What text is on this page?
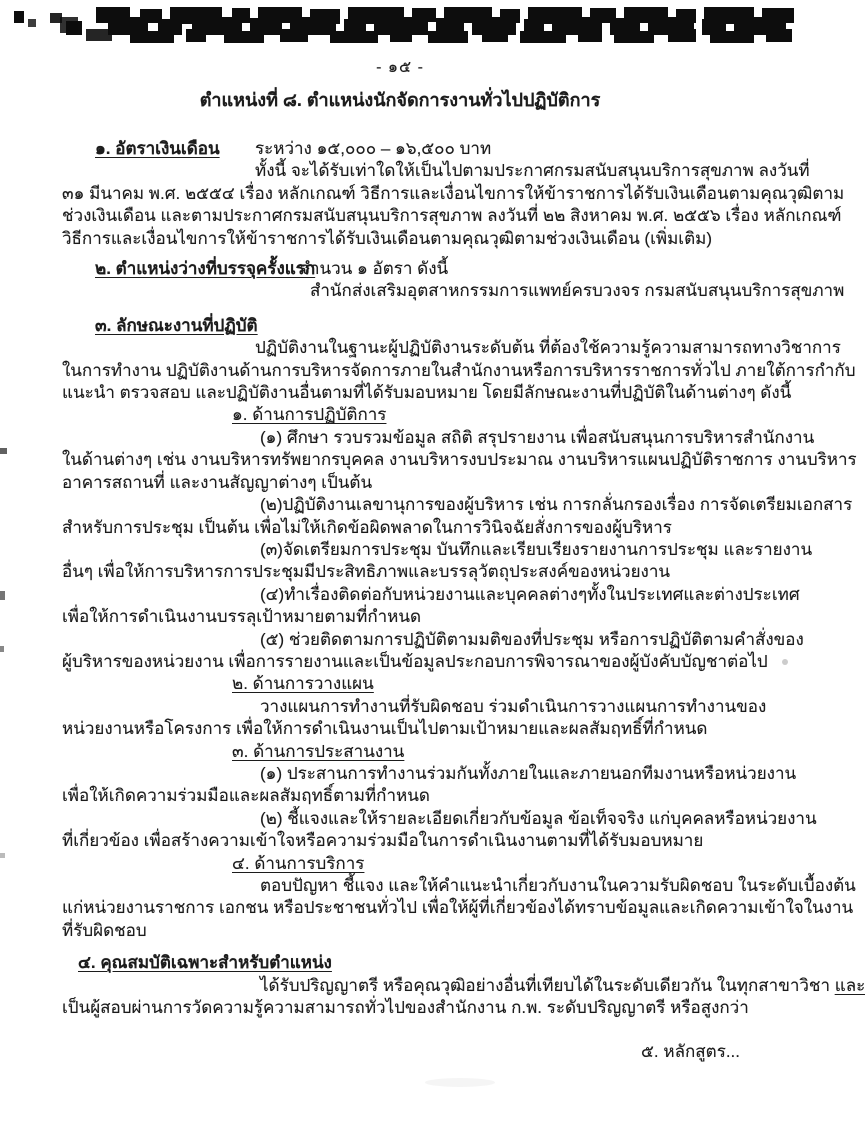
- ๑๕ -
ตำแหน่งที่ ๘. ตำแหน่งนักจัดการงานทั่วไปปฏิบัติการ
๑. อัตราเงินเดือน ระหว่าง ๑๕,๐๐๐ – ๑๖,๕๐๐ บาท
ทั้งนี้ จะได้รับเท่าใดให้เป็นไปตามประกาศกรมสนับสนุนบริการสุขภาพ ลงวันที่
๓๑ มีนาคม พ.ศ. ๒๕๕๔ เรื่อง หลักเกณฑ์ วิธีการและเงื่อนไขการให้ข้าราชการได้รับเงินเดือนตามคุณวุฒิตาม
ช่วงเงินเดือน และตามประกาศกรมสนับสนุนบริการสุขภาพ ลงวันที่ ๒๒ สิงหาคม พ.ศ. ๒๕๕๖ เรื่อง หลักเกณฑ์
วิธีการและเงื่อนไขการให้ข้าราชการได้รับเงินเดือนตามคุณวุฒิตามช่วงเงินเดือน (เพิ่มเติม)
๒. ตำแหน่งว่างที่บรรจุครั้งแรก
จำนวน ๑ อัตรา ดังนี้
สำนักส่งเสริมอุตสาหกรรมการแพทย์ครบวงจร กรมสนับสนุนบริการสุขภาพ
๓. ลักษณะงานที่ปฏิบัติ
ปฏิบัติงานในฐานะผู้ปฏิบัติงานระดับต้น ที่ต้องใช้ความรู้ความสามารถทางวิชาการ
ในการทำงาน ปฏิบัติงานด้านการบริหารจัดการภายในสำนักงานหรือการบริหารราชการทั่วไป ภายใต้การกำกับ
แนะนำ ตรวจสอบ และปฏิบัติงานอื่นตามที่ได้รับมอบหมาย โดยมีลักษณะงานที่ปฏิบัติในด้านต่างๆ ดังนี้
๑. ด้านการปฏิบัติการ
(๑) ศึกษา รวบรวมข้อมูล สถิติ สรุปรายงาน เพื่อสนับสนุนการบริหารสำนักงาน
ในด้านต่างๆ เช่น งานบริหารทรัพยากรบุคคล งานบริหารงบประมาณ งานบริหารแผนปฏิบัติราชการ งานบริหาร
อาคารสถานที่ และงานสัญญาต่างๆ เป็นต้น
(๒)ปฏิบัติงานเลขานุการของผู้บริหาร เช่น การกลั่นกรองเรื่อง การจัดเตรียมเอกสาร
สำหรับการประชุม เป็นต้น เพื่อไม่ให้เกิดข้อผิดพลาดในการวินิจฉัยสั่งการของผู้บริหาร
(๓)จัดเตรียมการประชุม บันทึกและเรียบเรียงรายงานการประชุม และรายงาน
อื่นๆ เพื่อให้การบริหารการประชุมมีประสิทธิภาพและบรรลุวัตถุประสงค์ของหน่วยงาน
(๔)ทำเรื่องติดต่อกับหน่วยงานและบุคคลต่างๆทั้งในประเทศและต่างประเทศ
เพื่อให้การดำเนินงานบรรลุเป้าหมายตามที่กำหนด
(๕) ช่วยติดตามการปฏิบัติตามมติของที่ประชุม หรือการปฏิบัติตามคำสั่งของ
ผู้บริหารของหน่วยงาน เพื่อการรายงานและเป็นข้อมูลประกอบการพิจารณาของผู้บังคับบัญชาต่อไป
๒. ด้านการวางแผน
วางแผนการทำงานที่รับผิดชอบ ร่วมดำเนินการวางแผนการทำงานของ
หน่วยงานหรือโครงการ เพื่อให้การดำเนินงานเป็นไปตามเป้าหมายและผลสัมฤทธิ์ที่กำหนด
๓. ด้านการประสานงาน
(๑) ประสานการทำงานร่วมกันทั้งภายในและภายนอกทีมงานหรือหน่วยงาน
เพื่อให้เกิดความร่วมมือและผลสัมฤทธิ์ตามที่กำหนด
(๒) ชี้แจงและให้รายละเอียดเกี่ยวกับข้อมูล ข้อเท็จจริง แก่บุคคลหรือหน่วยงาน
ที่เกี่ยวข้อง เพื่อสร้างความเข้าใจหรือความร่วมมือในการดำเนินงานตามที่ได้รับมอบหมาย
๔. ด้านการบริการ
ตอบปัญหา ชี้แจง และให้คำแนะนำเกี่ยวกับงานในความรับผิดชอบ ในระดับเบื้องต้น
แก่หน่วยงานราชการ เอกชน หรือประชาชนทั่วไป เพื่อให้ผู้ที่เกี่ยวข้องได้ทราบข้อมูลและเกิดความเข้าใจในงาน
ที่รับผิดชอบ
๔. คุณสมบัติเฉพาะสำหรับตำแหน่ง
ได้รับปริญญาตรี หรือคุณวุฒิอย่างอื่นที่เทียบได้ในระดับเดียวกัน ในทุกสาขาวิชา และ
เป็นผู้สอบผ่านการวัดความรู้ความสามารถทั่วไปของสำนักงาน ก.พ. ระดับปริญญาตรี หรือสูงกว่า
๕. หลักสูตร...
